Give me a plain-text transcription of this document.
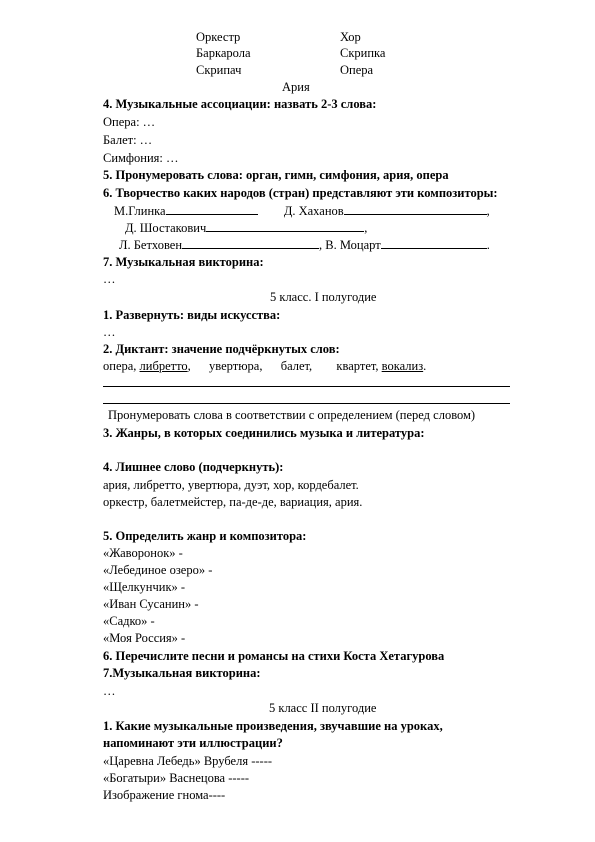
Оркестр	Хор
Баркарола	Скрипка
Скрипач	Опера
Ария
4. Музыкальные ассоциации: назвать 2-3 слова:
Опера: …
Балет: …
Симфония: …
5. Пронумеровать слова: орган, гимн, симфония, ария, опера
6. Творчество каких народов (стран) представляют эти композиторы:
М.Глинка	Д. Хаханов	,
Д. Шостакович	,
Л. Бетховен	, В. Моцарт	.
7. Музыкальная викторина:
…
5 класс. I полугодие
1. Развернуть: виды искусства:
…
2. Диктант: значение подчёркнутых слов:
опера, либретто, увертюра, балет, квартет, вокализ.
Пронумеровать слова в соответствии с определением (перед словом)
3. Жанры, в которых соединились музыка и литература:
4. Лишнее слово (подчеркнуть):
ария, либретто, увертюра, дуэт, хор, кордебалет.
оркестр, балетмейстер, па-де-де, вариация, ария.
5. Определить жанр и композитора:
«Жаворонок» -
«Лебединое озеро» -
«Щелкунчик» -
«Иван Сусанин» -
«Садко» -
«Моя Россия» -
6. Перечислите песни и романсы на стихи Коста Хетагурова
7.Музыкальная викторина:
…
5 класс II полугодие
1. Какие музыкальные произведения, звучавшие на уроках,
напоминают эти иллюстрации?
«Царевна Лебедь» Врубеля -----
«Богатыри» Васнецова -----
Изображение гнома----
